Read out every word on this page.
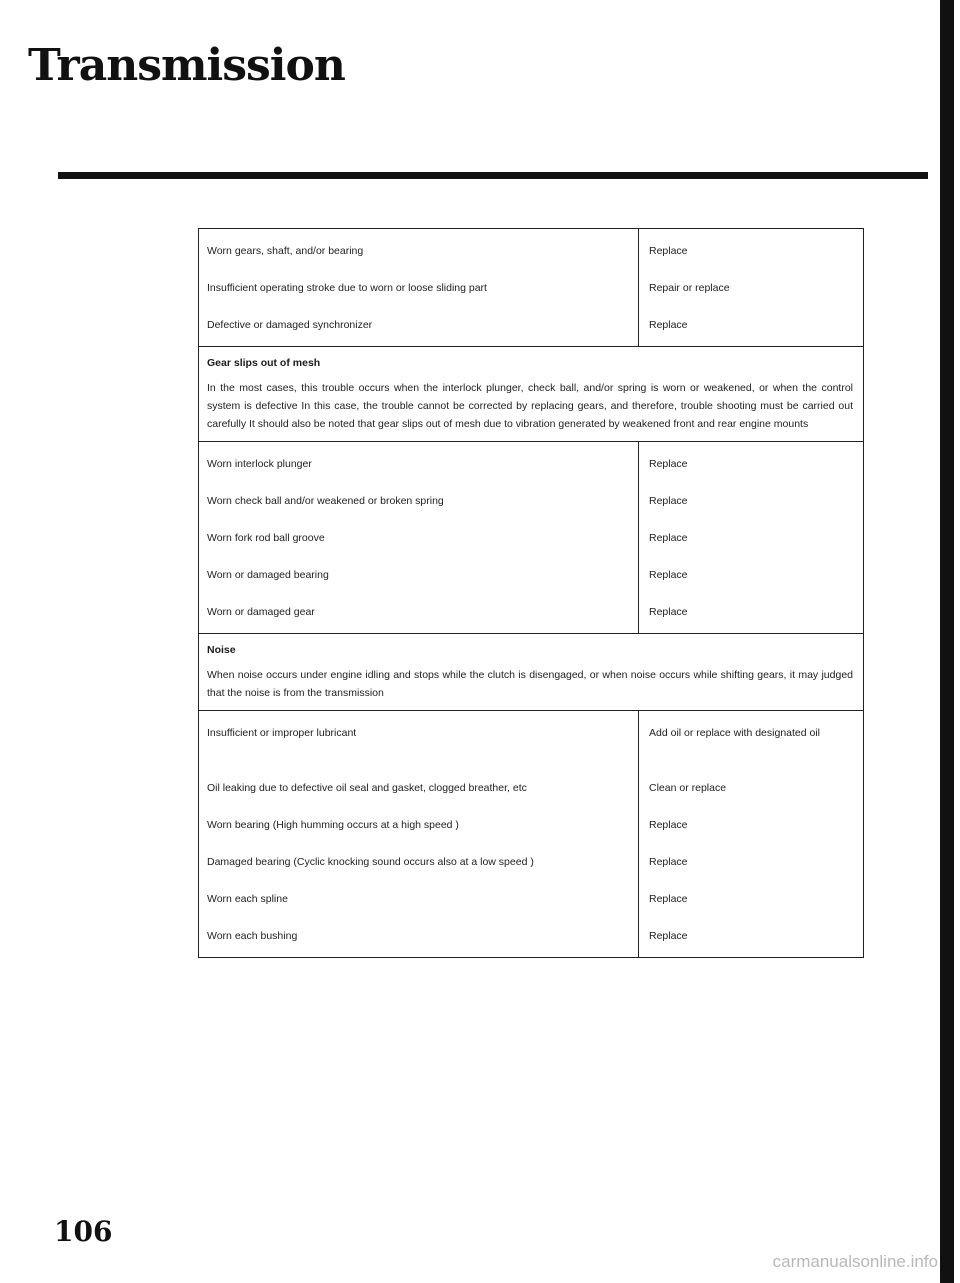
Transmission
Worn gears, shaft, and/or bearing
Insufficient operating stroke due to worn or loose sliding part
Defective or damaged synchronizer
Replace
Repair or replace
Replace
Gear slips out of mesh
In the most cases, this trouble occurs when the interlock plunger, check ball, and/or spring is worn or weakened, or when the control system is defective In this case, the trouble cannot be corrected by replacing gears, and therefore, trouble shooting must be carried out carefully It should also be noted that gear slips out of mesh due to vibration generated by weakened front and rear engine mounts
Worn interlock plunger
Worn check ball and/or weakened or broken spring
Worn fork rod ball groove
Worn or damaged bearing
Worn or damaged gear
Replace
Replace
Replace
Replace
Replace
Noise
When noise occurs under engine idling and stops while the clutch is disengaged, or when noise occurs while shifting gears, it may judged that the noise is from the transmission
Insufficient or improper lubricant
Oil leaking due to defective oil seal and gasket, clogged breather, etc
Worn bearing (High humming occurs at a high speed )
Damaged bearing (Cyclic knocking sound occurs also at a low speed )
Worn each spline
Worn each bushing
Add oil or replace with designated oil
Clean or replace
Replace
Replace
Replace
Replace
106
carmanualsonline.info
